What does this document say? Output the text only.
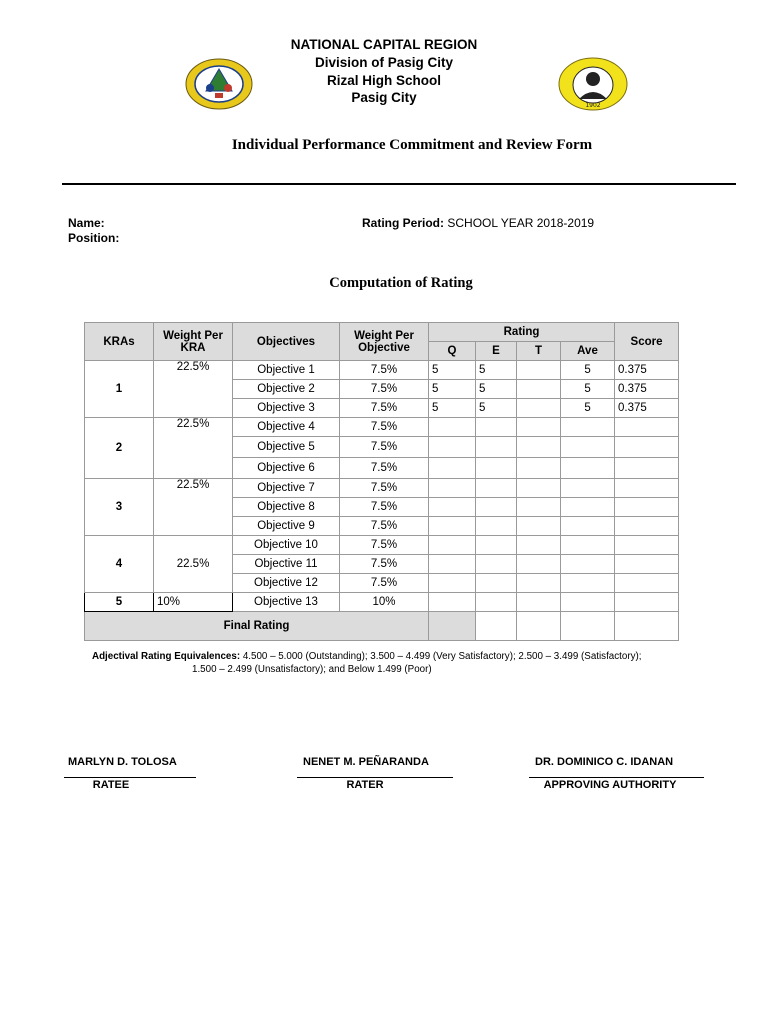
NATIONAL CAPITAL REGION
Division of Pasig City
Rizal High School
Pasig City
1902
Individual Performance Commitment and Review Form
Name:
Position:
Rating Period: SCHOOL YEAR 2018-2019
Computation of Rating
KRAs	Weight Per KRA	Objectives	Weight Per Objective	Rating				Score
				Q	E	T	Ave	
1	22.5%	Objective 1	7.5%	5	5		5	0.375
		Objective 2	7.5%	5	5		5	0.375
		Objective 3	7.5%	5	5		5	0.375
2	22.5%	Objective 4	7.5%					
		Objective 5	7.5%					
		Objective 6	7.5%					
3	22.5%	Objective 7	7.5%					
		Objective 8	7.5%					
		Objective 9	7.5%					
4	22.5%	Objective 10	7.5%					
		Objective 11	7.5%					
		Objective 12	7.5%					
5	10%	Objective 13	10%					
Final Rating								
Adjectival Rating Equivalences: 4.500 – 5.000 (Outstanding); 3.500 – 4.499 (Very Satisfactory); 2.500 – 3.499 (Satisfactory);
1.500 – 2.499 (Unsatisfactory); and Below 1.499 (Poor)
MARLYN D. TOLOSA
RATEE
NENET M. PEÑARANDA
RATER
DR. DOMINICO C. IDANAN
APPROVING AUTHORITY
